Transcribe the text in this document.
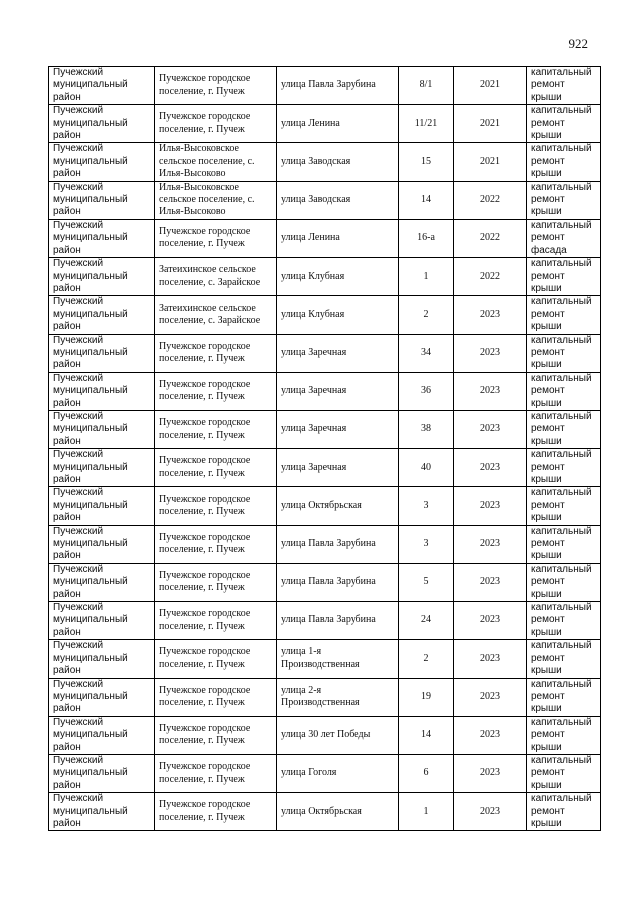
922
Пучежский муниципальный район	Пучежское городское поселение, г. Пучеж	улица Павла Зарубина	8/1	2021	капитальный ремонт крыши
Пучежский муниципальный район	Пучежское городское поселение, г. Пучеж	улица Ленина	11/21	2021	капитальный ремонт крыши
Пучежский муниципальный район	Илья-Высоковское сельское поселение, с. Илья-Высоково	улица Заводская	15	2021	капитальный ремонт крыши
Пучежский муниципальный район	Илья-Высоковское сельское поселение, с. Илья-Высоково	улица Заводская	14	2022	капитальный ремонт крыши
Пучежский муниципальный район	Пучежское городское поселение, г. Пучеж	улица Ленина	16-а	2022	капитальный ремонт фасада
Пучежский муниципальный район	Затеихинское сельское поселение, с. Зарайское	улица Клубная	1	2022	капитальный ремонт крыши
Пучежский муниципальный район	Затеихинское сельское поселение, с. Зарайское	улица Клубная	2	2023	капитальный ремонт крыши
Пучежский муниципальный район	Пучежское городское поселение, г. Пучеж	улица Заречная	34	2023	капитальный ремонт крыши
Пучежский муниципальный район	Пучежское городское поселение, г. Пучеж	улица Заречная	36	2023	капитальный ремонт крыши
Пучежский муниципальный район	Пучежское городское поселение, г. Пучеж	улица Заречная	38	2023	капитальный ремонт крыши
Пучежский муниципальный район	Пучежское городское поселение, г. Пучеж	улица Заречная	40	2023	капитальный ремонт крыши
Пучежский муниципальный район	Пучежское городское поселение, г. Пучеж	улица Октябрьская	3	2023	капитальный ремонт крыши
Пучежский муниципальный район	Пучежское городское поселение, г. Пучеж	улица Павла Зарубина	3	2023	капитальный ремонт крыши
Пучежский муниципальный район	Пучежское городское поселение, г. Пучеж	улица Павла Зарубина	5	2023	капитальный ремонт крыши
Пучежский муниципальный район	Пучежское городское поселение, г. Пучеж	улица Павла Зарубина	24	2023	капитальный ремонт крыши
Пучежский муниципальный район	Пучежское городское поселение, г. Пучеж	улица 1-я Производственная	2	2023	капитальный ремонт крыши
Пучежский муниципальный район	Пучежское городское поселение, г. Пучеж	улица 2-я Производственная	19	2023	капитальный ремонт крыши
Пучежский муниципальный район	Пучежское городское поселение, г. Пучеж	улица 30 лет Победы	14	2023	капитальный ремонт крыши
Пучежский муниципальный район	Пучежское городское поселение, г. Пучеж	улица Гоголя	6	2023	капитальный ремонт крыши
Пучежский муниципальный район	Пучежское городское поселение, г. Пучеж	улица Октябрьская	1	2023	капитальный ремонт крыши
